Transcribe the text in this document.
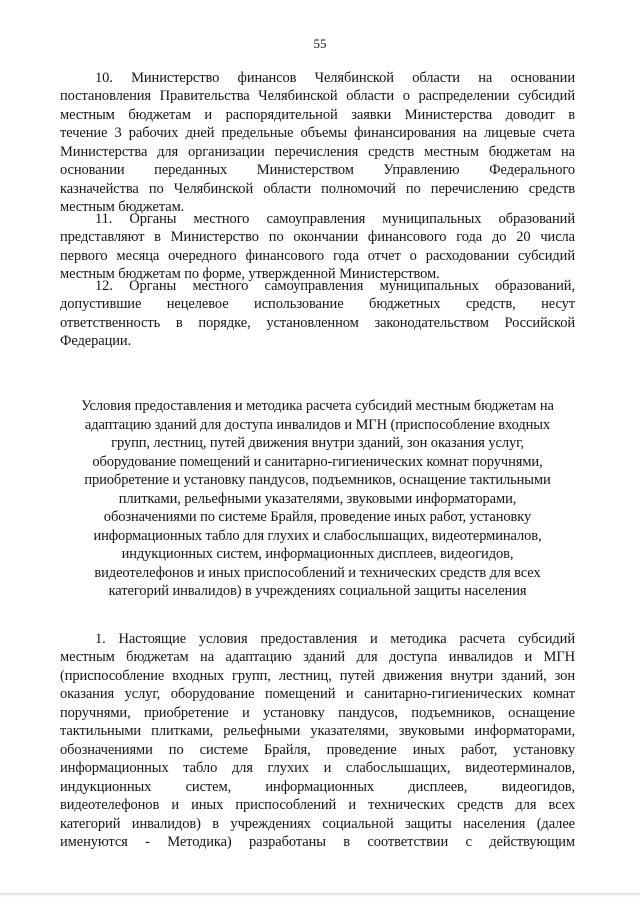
55

10. Министерство финансов Челябинской области на основании

постановления Правительства Челябинской области о распределении субсидий

местным бюджетам и распорядительной заявки Министерства доводит в

течение 3 рабочих дней предельные объемы финансирования на лицевые счета

Министерства для организации перечисления средств местным бюджетам на

основании переданных Министерством Управлению Федерального

казначейства по Челябинской области полномочий по перечислению средств

местным бюджетам.

11. Органы местного самоуправления муниципальных образований

представляют в Министерство по окончании финансового года до 20 числа

первого месяца очередного финансового года отчет о расходовании субсидий

местным бюджетам по форме, утвержденной Министерством.

12. Органы местного самоуправления муниципальных образований,

допустившие нецелевое использование бюджетных средств, несут

ответственность в порядке, установленном законодательством Российской

Федерации.

Условия предоставления и методика расчета субсидий местным бюджетам на

адаптацию зданий для доступа инвалидов и МГН (приспособление входных

групп, лестниц, путей движения внутри зданий, зон оказания услуг,

оборудование помещений и санитарно-гигиенических комнат поручнями,

приобретение и установку пандусов, подъемников, оснащение тактильными

плитками, рельефными указателями, звуковыми информаторами,

обозначениями по системе Брайля, проведение иных работ, установку

информационных табло для глухих и слабослышащих, видеотерминалов,

индукционных систем, информационных дисплеев, видеогидов,

видеотелефонов и иных приспособлений и технических средств для всех

категорий инвалидов) в учреждениях социальной защиты населения

1. Настоящие условия предоставления и методика расчета субсидий

местным бюджетам на адаптацию зданий для доступа инвалидов и МГН

(приспособление входных групп, лестниц, путей движения внутри зданий, зон

оказания услуг, оборудование помещений и санитарно-гигиенических комнат

поручнями, приобретение и установку пандусов, подъемников, оснащение

тактильными плитками, рельефными указателями, звуковыми информаторами,

обозначениями по системе Брайля, проведение иных работ, установку

информационных табло для глухих и слабослышащих, видеотерминалов,

индукционных систем, информационных дисплеев, видеогидов,

видеотелефонов и иных приспособлений и технических средств для всех

категорий инвалидов) в учреждениях социальной защиты населения (далее

именуются - Методика) разработаны в соответствии с действующим
